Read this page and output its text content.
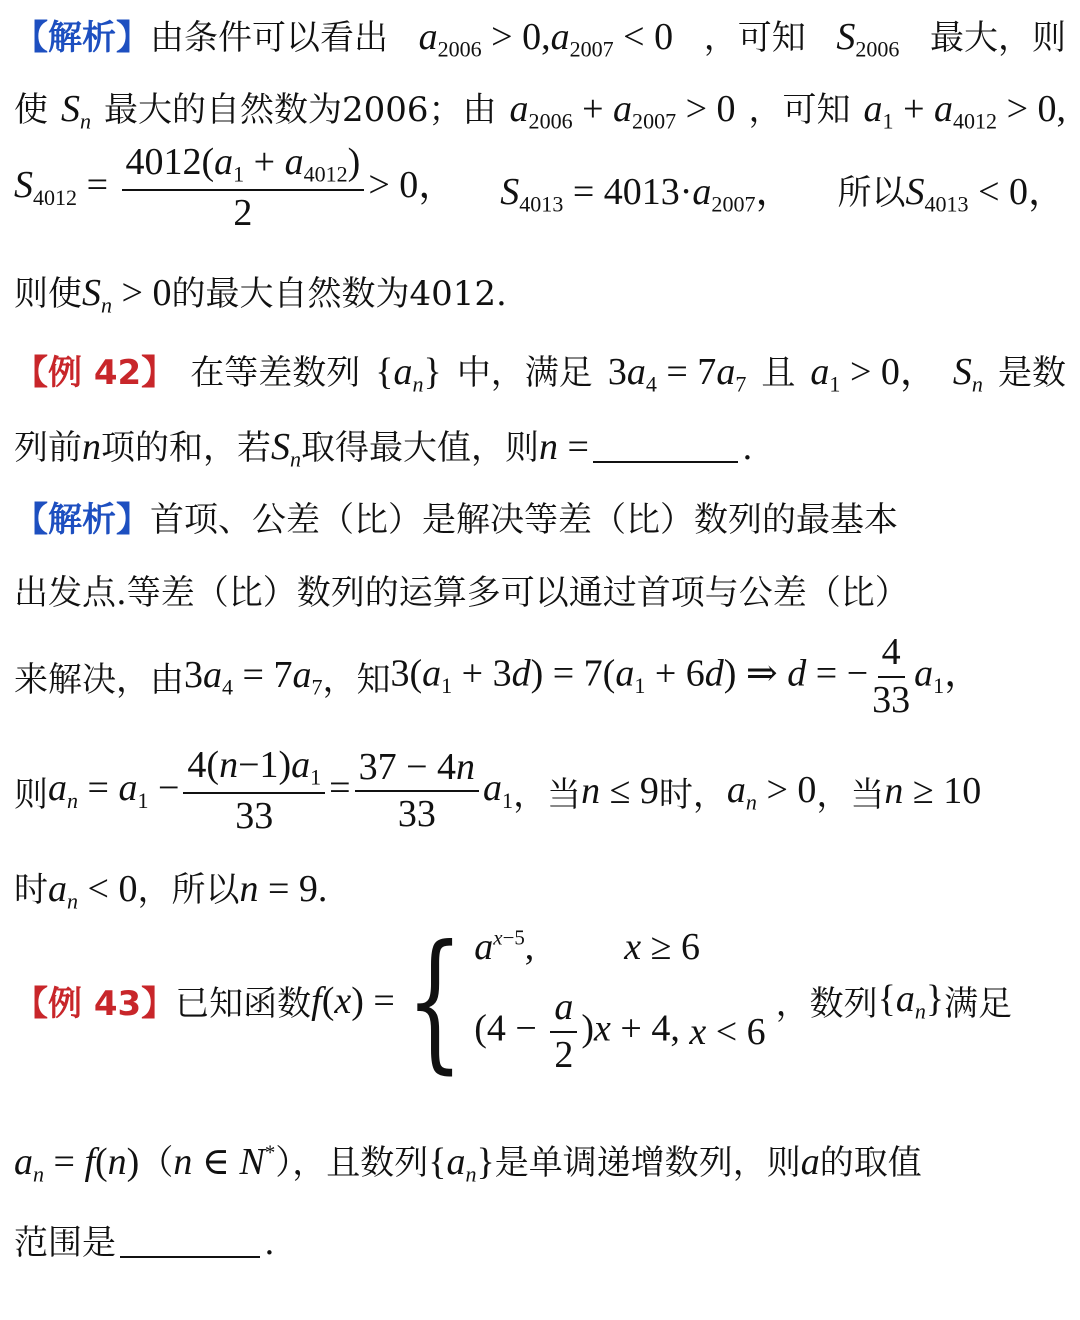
【解析】由条件可以看出 $a_{2006} > 0,a_{2007} < 0$ ，可知 $S_{2006}$ 最大，则
使 $S_n$ 最大的自然数为2006；由 $a_{2006} + a_{2007} > 0$ ，可知 $a_1 + a_{4012} > 0$,
$S_{4012} = \frac{4012(a_1 + a_{4012})}{2} > 0$， $S_{4013} = 4013\cdot a_{2007}$， 所以$S_{4013} < 0$，
则使$S_n > 0$的最大自然数为4012.
【例 42】 在等差数列 $\{a_n\}$ 中，满足 $3a_4 = 7a_7$ 且 $a_1 > 0$， $S_n$ 是数
列前n项的和，若$S_n$取得最大值，则n =	.
【解析】首项、公差（比）是解决等差（比）数列的最基本
出发点.等差（比）数列的运算多可以通过首项与公差（比）
来解决，由 $3a_4 = 7a_7$ ，知 $3(a_1 + 3d) = 7(a_1 + 6d)$ ⇒ d = − $\frac{4}{33} a_1$，
则 $a_n = a_1 - \frac{4(n-1)a_1}{33} = \frac{37 - 4n}{33} a_1$ ，当 n ≤ 9 时， $a_n > 0$ ，当 n ≥ 10
时$a_n < 0$，所以n = 9.
【例 43】 已知函数 f(x) = { $a^{x-5}$,	x ≥ 6
$(4 - \frac{a}{2} )x + 4$, x < 6
，数列 $\{a_n\}$ 满足
$a_n = f(n)(n$ ∈ N*），且数列$\{a_n\}$是单调递增数列，则a的取值
范围是	.
